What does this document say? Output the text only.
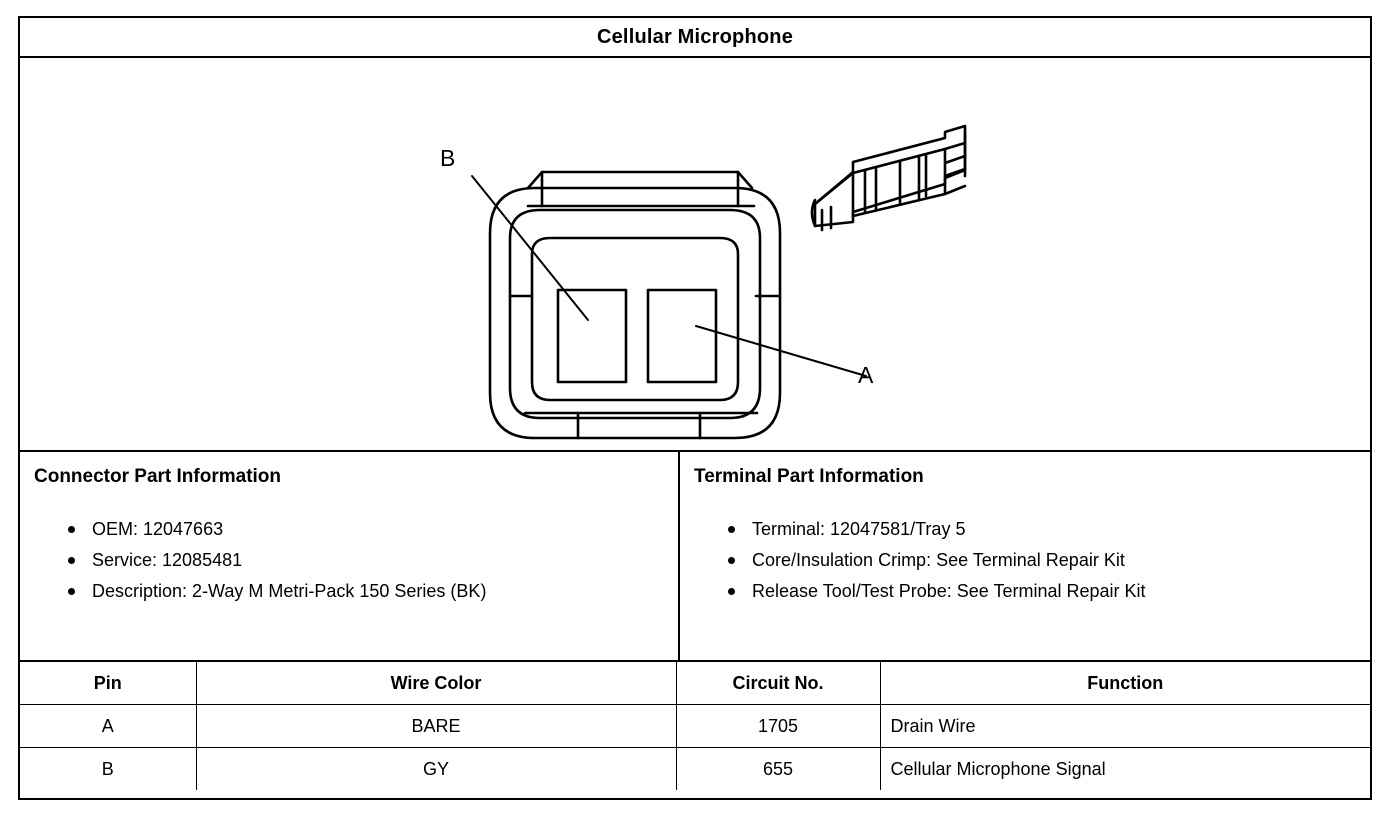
Cellular Microphone
B
A
Connector Part Information
OEM: 12047663
Service: 12085481
Description: 2-Way M Metri-Pack 150 Series (BK)
Terminal Part Information
Terminal: 12047581/Tray 5
Core/Insulation Crimp: See Terminal Repair Kit
Release Tool/Test Probe: See Terminal Repair Kit
Pin	Wire Color	Circuit No.	Function
A	BARE	1705	Drain Wire
B	GY	655	Cellular Microphone Signal
